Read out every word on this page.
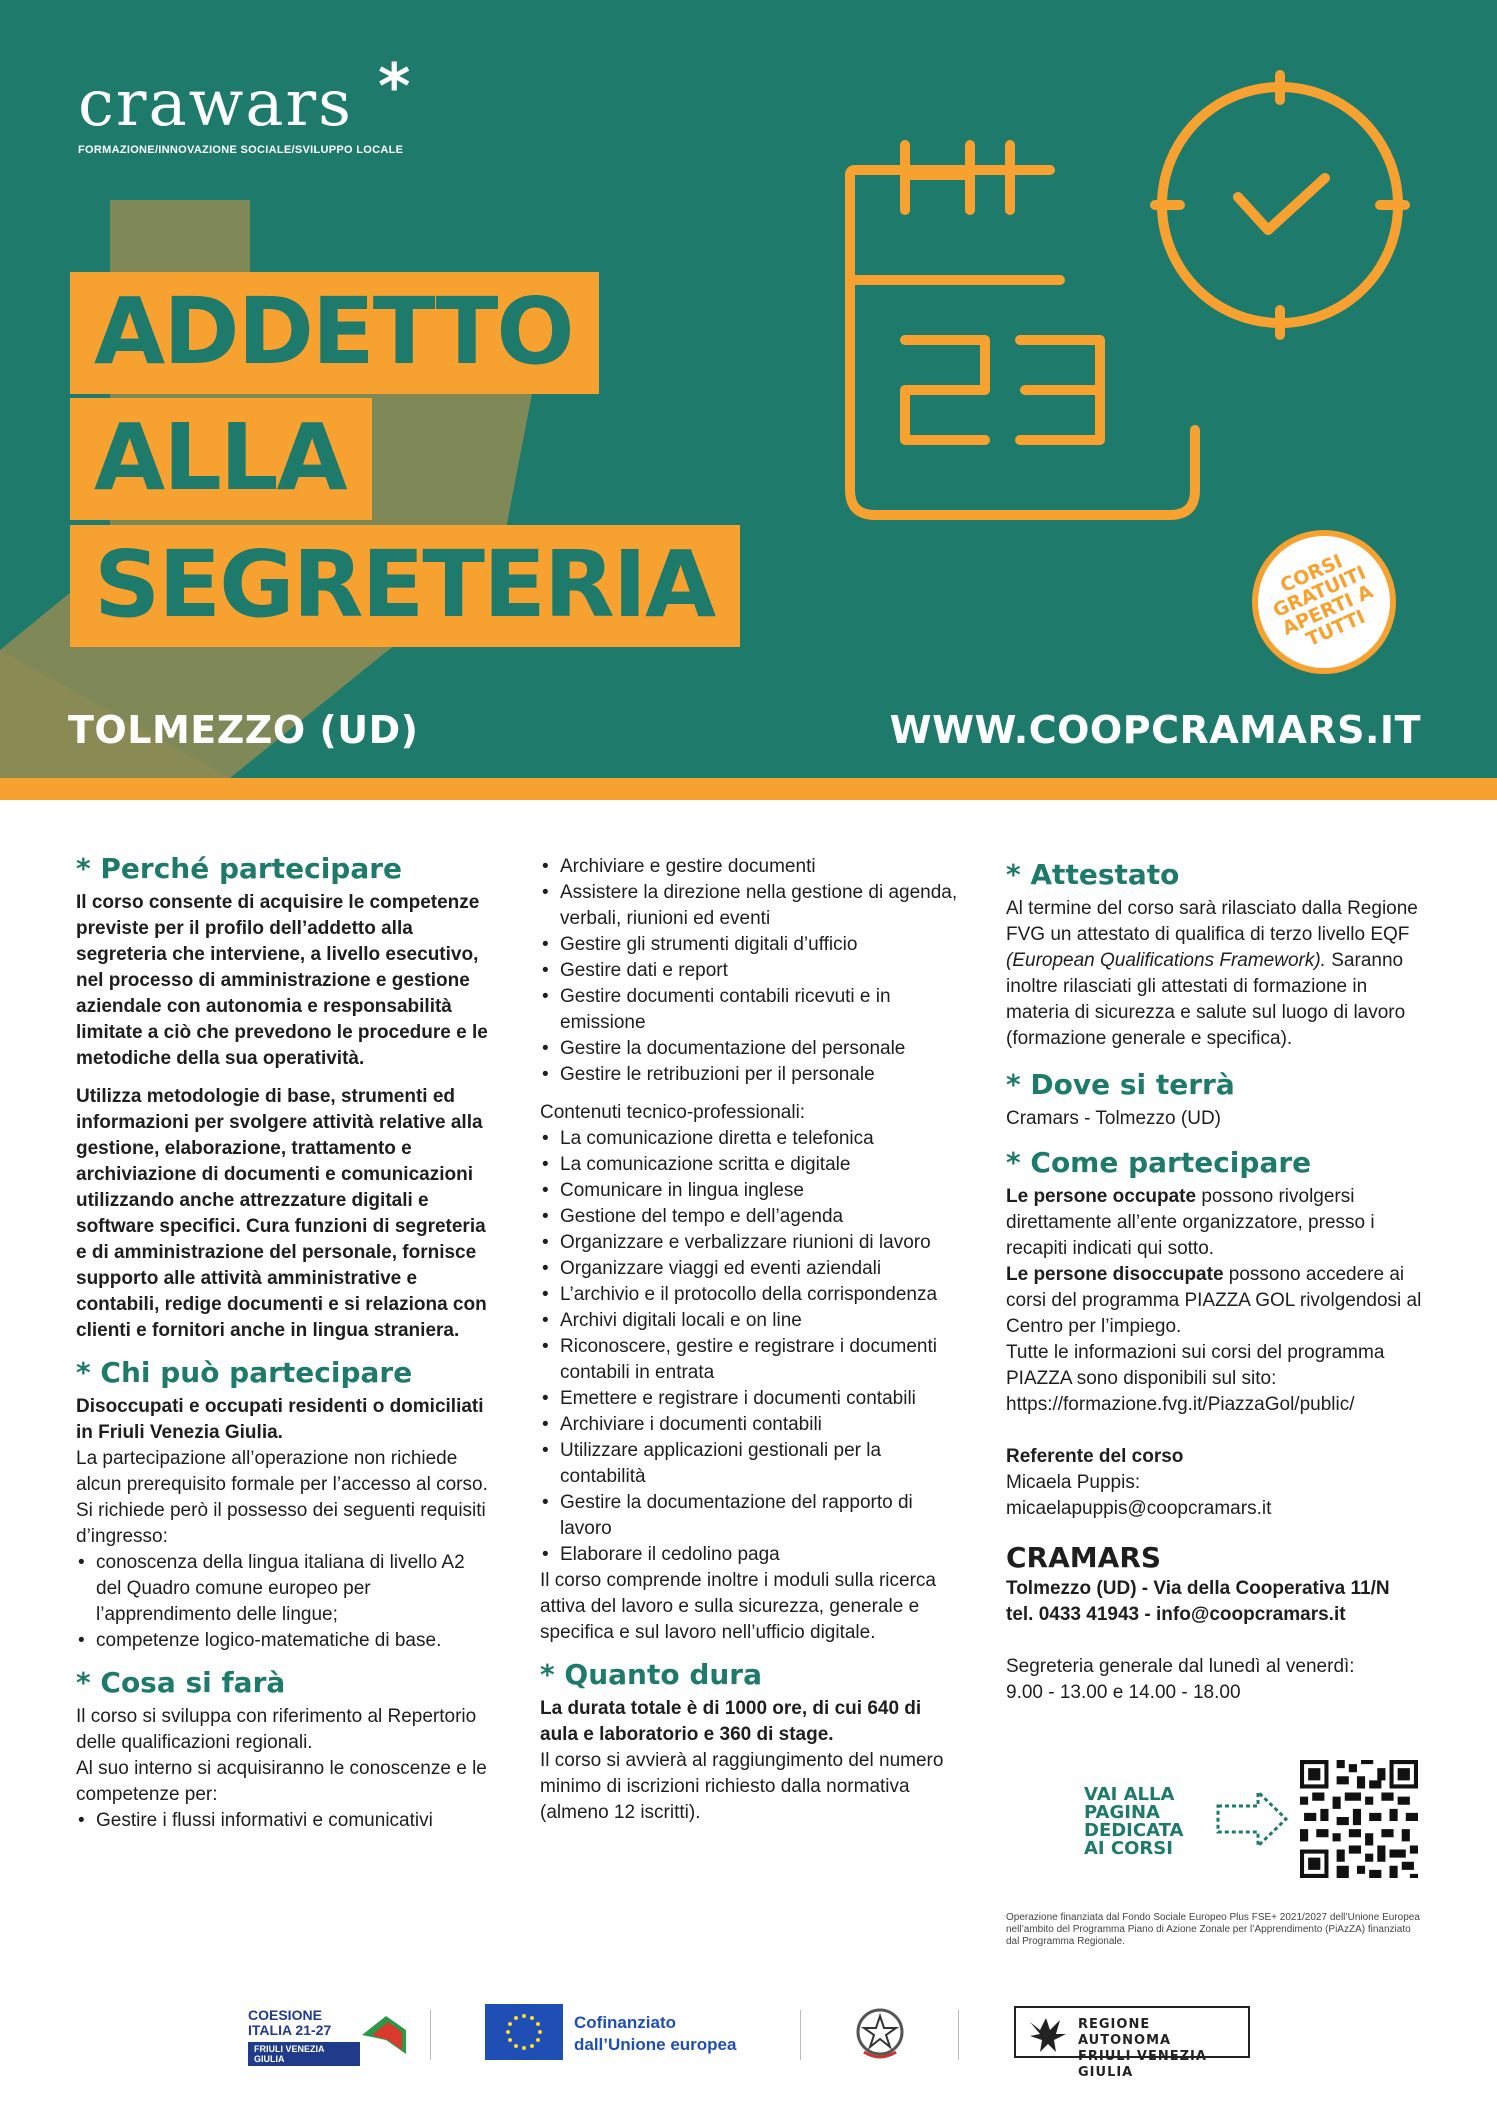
crawars *
FORMAZIONE/INNOVAZIONE SOCIALE/SVILUPPO LOCALE
ADDETTO
ALLA
SEGRETERIA	CORSI GRATUITI APERTI A TUTTI
TOLMEZZO (UD)	WWW.COOPCRAMARS.IT
* Perché partecipare

Il corso consente di acquisire le competenze previste per il profilo dell’addetto alla segreteria che interviene, a livello esecutivo, nel processo di amministrazione e gestione aziendale con autonomia e responsabilità limitate a ciò che prevedono le procedure e le metodiche della sua operatività.

Utilizza metodologie di base, strumenti ed informazioni per svolgere attività relative alla gestione, elaborazione, trattamento e archiviazione di documenti e comunicazioni utilizzando anche attrezzature digitali e software specifici. Cura funzioni di segreteria e di amministrazione del personale, fornisce supporto alle attività amministrative e contabili, redige documenti e si relaziona con clienti e fornitori anche in lingua straniera.

* Chi può partecipare

Disoccupati e occupati residenti o domiciliati in Friuli Venezia Giulia.

La partecipazione all’operazione non richiede alcun prerequisito formale per l’accesso al corso.

Si richiede però il possesso dei seguenti requisiti d’ingresso:

• conoscenza della lingua italiana di livello A2 del Quadro comune europeo per l’apprendimento delle lingue;
• competenze logico-matematiche di base.
* Cosa si farà

Il corso si sviluppa con riferimento al Repertorio delle qualificazioni regionali.

Al suo interno si acquisiranno le conoscenze e le competenze per:

• Gestire i flussi informativi e comunicativi
• Archiviare e gestire documenti
• Assistere la direzione nella gestione di agenda, verbali, riunioni ed eventi
• Gestire gli strumenti digitali d’ufficio
• Gestire dati e report
• Gestire documenti contabili ricevuti e in emissione
• Gestire la documentazione del personale
• Gestire le retribuzioni per il personale

Contenuti tecnico-professionali:

• La comunicazione diretta e telefonica
• La comunicazione scritta e digitale
• Comunicare in lingua inglese
• Gestione del tempo e dell’agenda
• Organizzare e verbalizzare riunioni di lavoro
• Organizzare viaggi ed eventi aziendali
• L’archivio e il protocollo della corrispondenza
• Archivi digitali locali e on line
• Riconoscere, gestire e registrare i documenti contabili in entrata
• Emettere e registrare i documenti contabili
• Archiviare i documenti contabili
• Utilizzare applicazioni gestionali per la contabilità
• Gestire la documentazione del rapporto di lavoro
• Elaborare il cedolino paga

Il corso comprende inoltre i moduli sulla ricerca attiva del lavoro e sulla sicurezza, generale e specifica e sul lavoro nell’ufficio digitale.

* Quanto dura

La durata totale è di 1000 ore, di cui 640 di aula e laboratorio e 360 di stage.

Il corso si avvierà al raggiungimento del numero minimo di iscrizioni richiesto dalla normativa (almeno 12 iscritti).

* Attestato

Al termine del corso sarà rilasciato dalla Regione FVG un attestato di qualifica di terzo livello EQF (European Qualifications Framework). Saranno inoltre rilasciati gli attestati di formazione in materia di sicurezza e salute sul luogo di lavoro (formazione generale e specifica).

* Dove si terrà

Cramars - Tolmezzo (UD)

* Come partecipare

Le persone occupate possono rivolgersi direttamente all’ente organizzatore, presso i recapiti indicati qui sotto.

Le persone disoccupate possono accedere ai corsi del programma PIAZZA GOL rivolgendosi al Centro per l’impiego.

Tutte le informazioni sui corsi del programma PIAZZA sono disponibili sul sito: https://formazione.fvg.it/PiazzaGol/public/

Referente del corso

Micaela Puppis:

micaelapuppis@coopcramars.it

CRAMARS

Tolmezzo (UD) - Via della Cooperativa 11/N

tel. 0433 41943 - info@coopcramars.it

Segreteria generale dal lunedì al venerdì:

9.00 - 13.00 e 14.00 - 18.00

VAI ALLA
PAGINA
DEDICATA
AI CORSI
Operazione finanziata dal Fondo Sociale Europeo Plus FSE+ 2021/2027 dell’Unione Europea nell’ambito del Programma Piano di Azione Zonale per l’Apprendimento (PiAzZA) finanziato dal Programma Regionale.
COESIONE ITALIA 21-27
FRIULI VENEZIA GIULIA
Cofinanziato
dall’Unione europea
REGIONE AUTONOMA
FRIULI VENEZIA GIULIA
